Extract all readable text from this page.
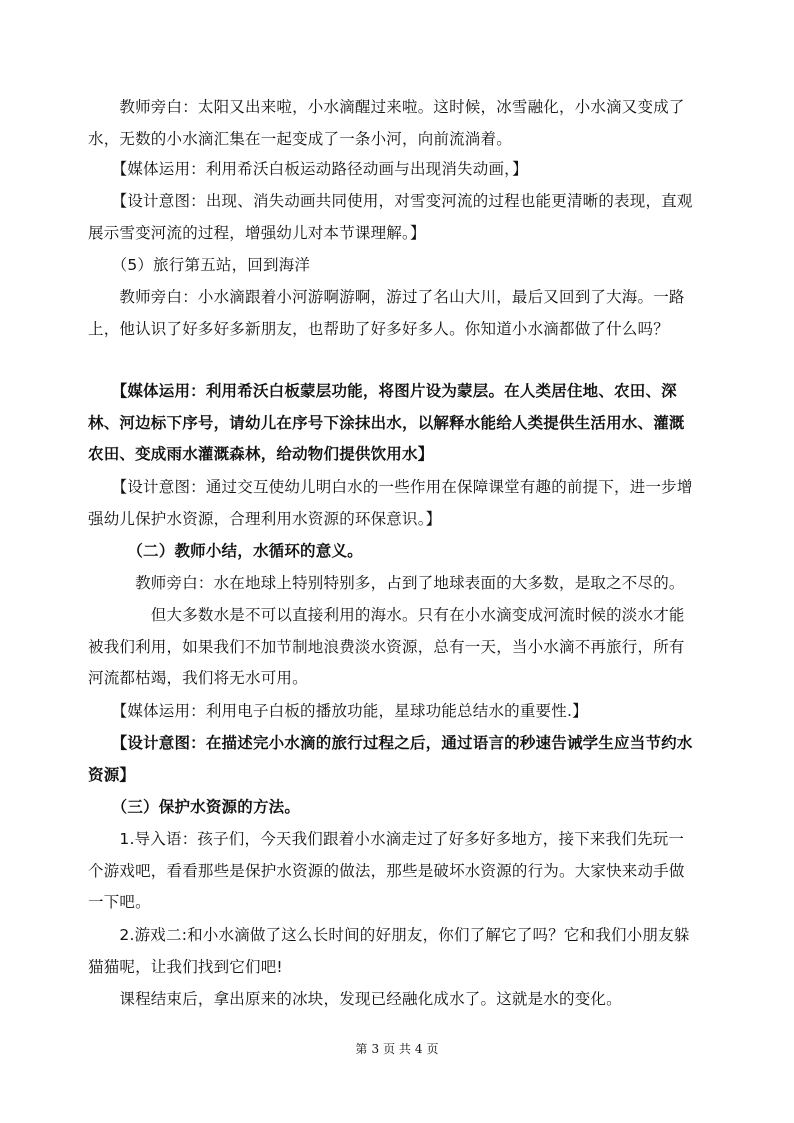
　　教师旁白：太阳又出来啦，小水滴醒过来啦。这时候，冰雪融化，小水滴又变成了水，无数的小水滴汇集在一起变成了一条小河，向前流淌着。

　　【媒体运用：利用希沃白板运动路径动画与出现消失动画，】

　　【设计意图：出现、消失动画共同使用，对雪变河流的过程也能更清晰的表现，直观展示雪变河流的过程，增强幼儿对本节课理解。】

　　（5）旅行第五站，回到海洋

　　教师旁白：小水滴跟着小河游啊游啊，游过了名山大川，最后又回到了大海。一路上，他认识了好多好多新朋友，也帮助了好多好多人。你知道小水滴都做了什么吗？

　　【媒体运用：利用希沃白板蒙层功能，将图片设为蒙层。在人类居住地、农田、深林、河边标下序号，请幼儿在序号下涂抹出水，以解释水能给人类提供生活用水、灌溉农田、变成雨水灌溉森林，给动物们提供饮用水】

　　【设计意图：通过交互使幼儿明白水的一些作用在保障课堂有趣的前提下，进一步增强幼儿保护水资源，合理利用水资源的环保意识。】

　　　（二）教师小结，水循环的意义。

　　　教师旁白：水在地球上特别特别多，占到了地球表面的大多数，是取之不尽的。

　　　　但大多数水是不可以直接利用的海水。只有在小水滴变成河流时候的淡水才能被我们利用，如果我们不加节制地浪费淡水资源，总有一天，当小水滴不再旅行，所有河流都枯竭，我们将无水可用。

　　【媒体运用：利用电子白板的播放功能，星球功能总结水的重要性.】

　　【设计意图：在描述完小水滴的旅行过程之后，通过语言的秒速告诫学生应当节约水资源】

　　（三）保护水资源的方法。

　　1.导入语：孩子们，今天我们跟着小水滴走过了好多好多地方，接下来我们先玩一个游戏吧，看看那些是保护水资源的做法，那些是破坏水资源的行为。大家快来动手做一下吧。

　　2.游戏二:和小水滴做了这么长时间的好朋友，你们了解它了吗？它和我们小朋友躲猫猫呢，让我们找到它们吧!

　　课程结束后，拿出原来的冰块，发现已经融化成水了。这就是水的变化。

第 3 页 共 4 页
